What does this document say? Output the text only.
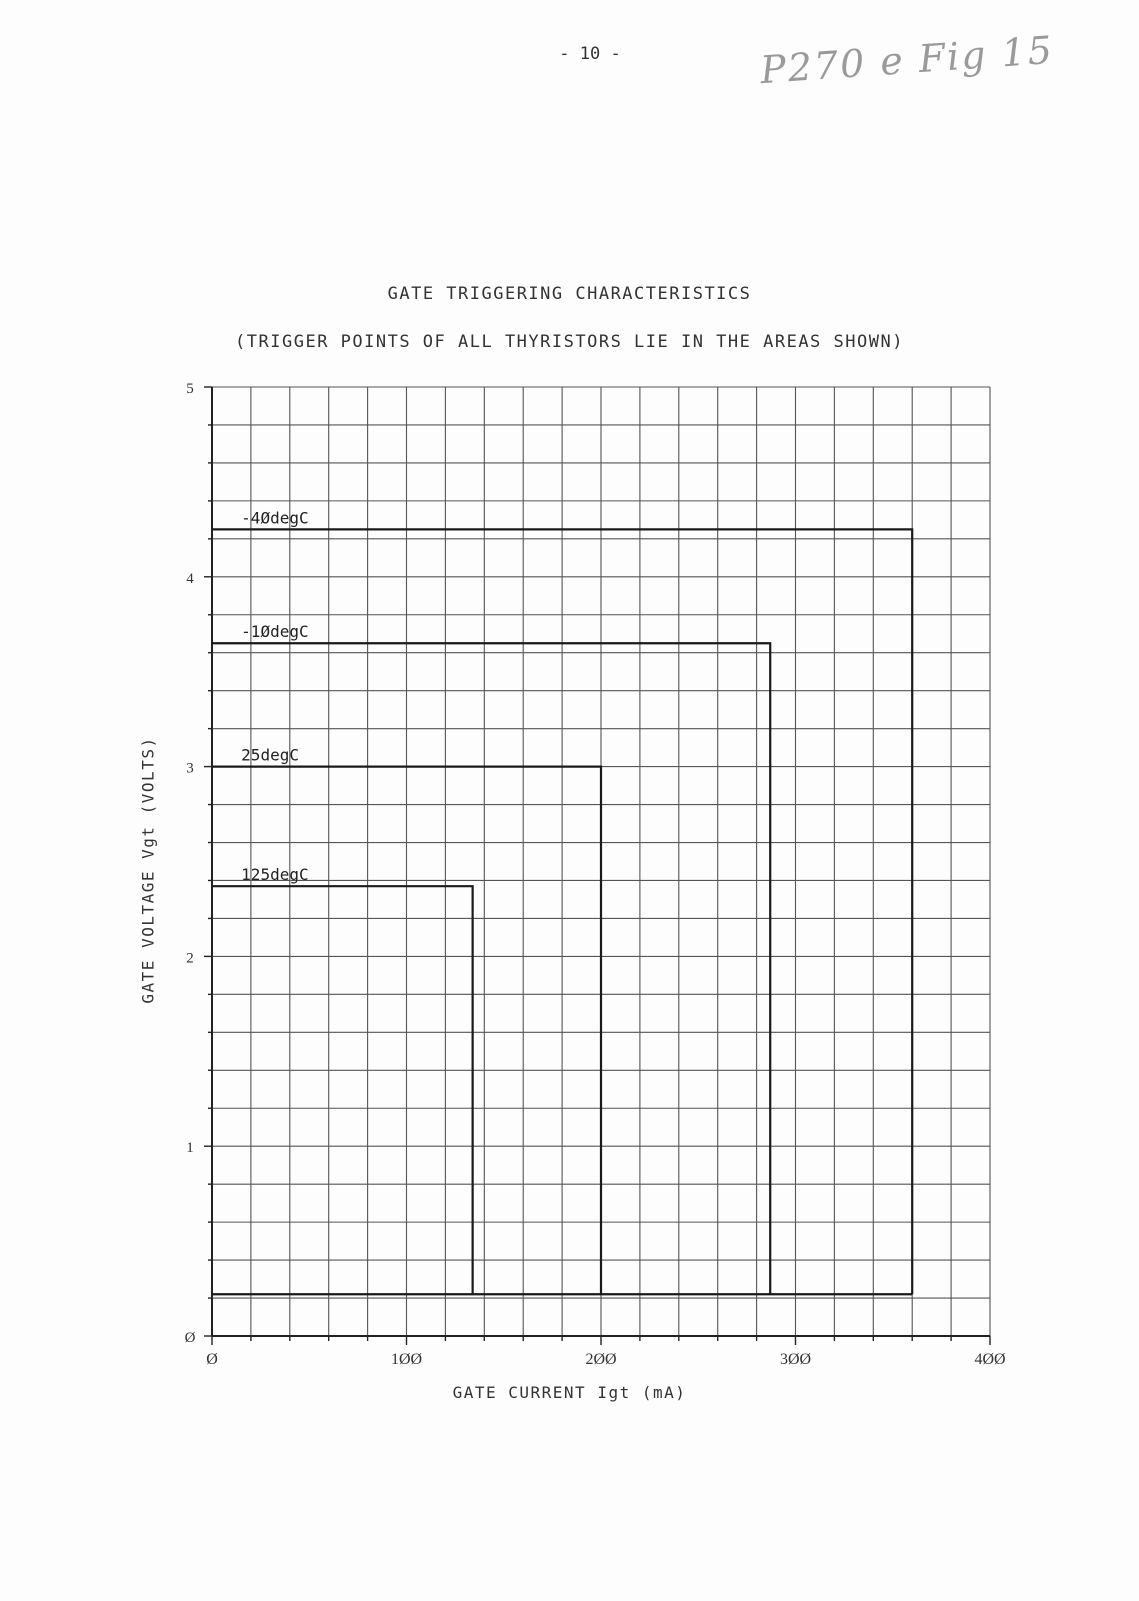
- 10 -	P270 e Fig 15
GATE TRIGGERING CHARACTERISTICS
(TRIGGER POINTS OF ALL THYRISTORS LIE IN THE AREAS SHOWN)
Ø	1ØØ	2ØØ	3ØØ	4ØØ
Ø
1
2
3
4
5
-4ØdegC
-1ØdegC
25degC
125degC
GATE CURRENT Igt (mA)
GATE VOLTAGE Vgt (VOLTS)
